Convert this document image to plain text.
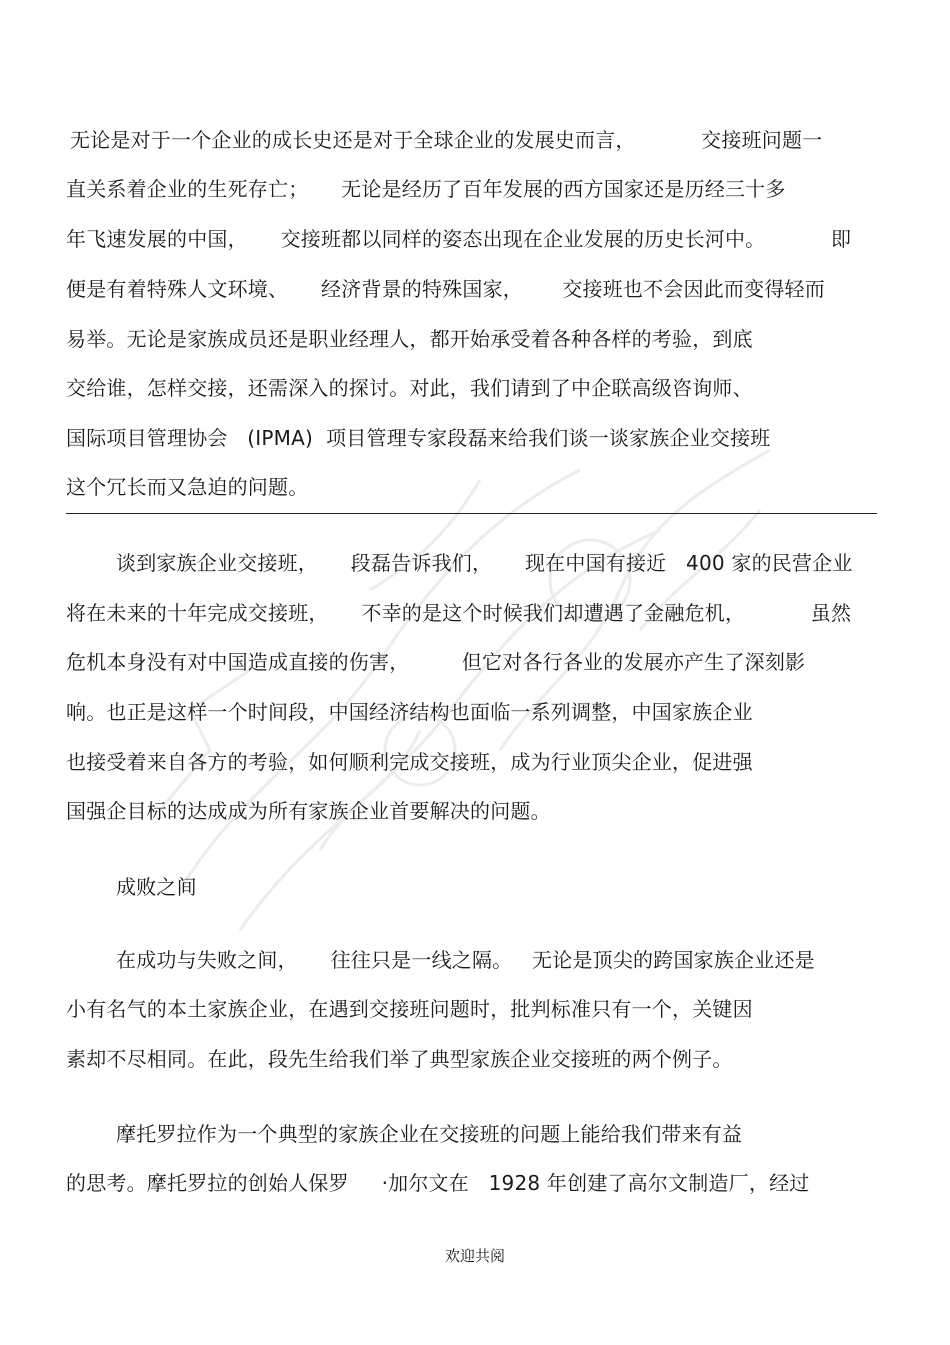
无论是对于一个企业的成长史还是对于全球企业的发展史而言，          交接班问题一
直关系着企业的生死存亡；     无论是经历了百年发展的西方国家还是历经三十多
年飞速发展的中国，     交接班都以同样的姿态出现在企业发展的历史长河中。          即
便是有着特殊人文环境、     经济背景的特殊国家，      交接班也不会因此而变得轻而
易举。无论是家族成员还是职业经理人，都开始承受着各种各样的考验，到底
交给谁，怎样交接，还需深入的探讨。对此，我们请到了中企联高级咨询师、
国际项目管理协会   (IPMA)  项目管理专家段磊来给我们谈一谈家族企业交接班
这个冗长而又急迫的问题。
谈到家族企业交接班，     段磊告诉我们，     现在中国有接近   400 家的民营企业
将在未来的十年完成交接班，     不幸的是这个时候我们却遭遇了金融危机，          虽然
危机本身没有对中国造成直接的伤害，        但它对各行各业的发展亦产生了深刻影
响。也正是这样一个时间段，中国经济结构也面临一系列调整，中国家族企业
也接受着来自各方的考验，如何顺利完成交接班，成为行业顶尖企业，促进强
国强企目标的达成成为所有家族企业首要解决的问题。
成败之间
在成功与失败之间，     往往只是一线之隔。   无论是顶尖的跨国家族企业还是
小有名气的本土家族企业，在遇到交接班问题时，批判标准只有一个，关键因
素却不尽相同。在此，段先生给我们举了典型家族企业交接班的两个例子。
摩托罗拉作为一个典型的家族企业在交接班的问题上能给我们带来有益
的思考。摩托罗拉的创始人保罗     ·加尔文在   1928 年创建了高尔文制造厂，经过
欢迎共阅
